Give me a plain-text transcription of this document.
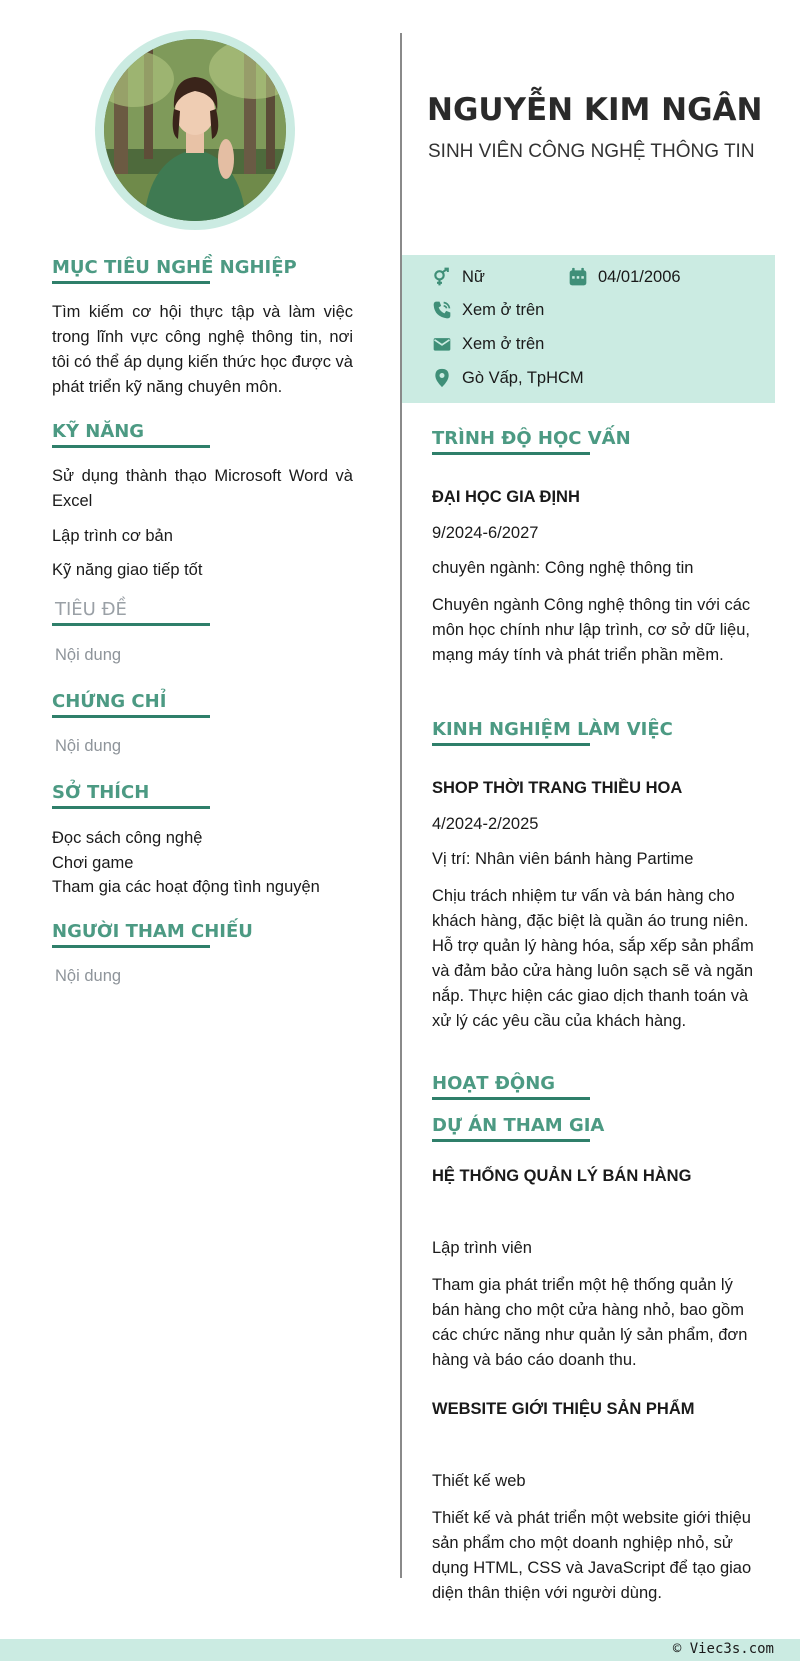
MỤC TIÊU NGHỀ NGHIỆP
Tìm kiếm cơ hội thực tập và làm việc trong lĩnh vực công nghệ thông tin, nơi tôi có thể áp dụng kiến thức học được và phát triển kỹ năng chuyên môn.
KỸ NĂNG
Sử dụng thành thạo Microsoft Word và Excel
Lập trình cơ bản
Kỹ năng giao tiếp tốt
TIÊU ĐỀ
Nội dung
CHỨNG CHỈ
Nội dung
SỞ THÍCH
Đọc sách công nghệ
Chơi game
Tham gia các hoạt động tình nguyện
NGƯỜI THAM CHIẾU
Nội dung
NGUYỄN KIM NGÂN
SINH VIÊN CÔNG NGHỆ THÔNG TIN
Nữ	04/01/2006
Xem ở trên
Xem ở trên
Gò Vấp, TpHCM
TRÌNH ĐỘ HỌC VẤN
ĐẠI HỌC GIA ĐỊNH
9/2024-6/2027
chuyên ngành: Công nghệ thông tin
Chuyên ngành Công nghệ thông tin với các môn học chính như lập trình, cơ sở dữ liệu, mạng máy tính và phát triển phần mềm.
KINH NGHIỆM LÀM VIỆC
SHOP THỜI TRANG THIỀU HOA
4/2024-2/2025
Vị trí: Nhân viên bánh hàng Partime
Chịu trách nhiệm tư vấn và bán hàng cho khách hàng, đặc biệt là quần áo trung niên. Hỗ trợ quản lý hàng hóa, sắp xếp sản phẩm và đảm bảo cửa hàng luôn sạch sẽ và ngăn nắp. Thực hiện các giao dịch thanh toán và xử lý các yêu cầu của khách hàng.
HOẠT ĐỘNG
DỰ ÁN THAM GIA
HỆ THỐNG QUẢN LÝ BÁN HÀNG
Lập trình viên
Tham gia phát triển một hệ thống quản lý bán hàng cho một cửa hàng nhỏ, bao gồm các chức năng như quản lý sản phẩm, đơn hàng và báo cáo doanh thu.
WEBSITE GIỚI THIỆU SẢN PHẨM
Thiết kế web
Thiết kế và phát triển một website giới thiệu sản phẩm cho một doanh nghiệp nhỏ, sử dụng HTML, CSS và JavaScript để tạo giao diện thân thiện với người dùng.
© Viec3s.com
